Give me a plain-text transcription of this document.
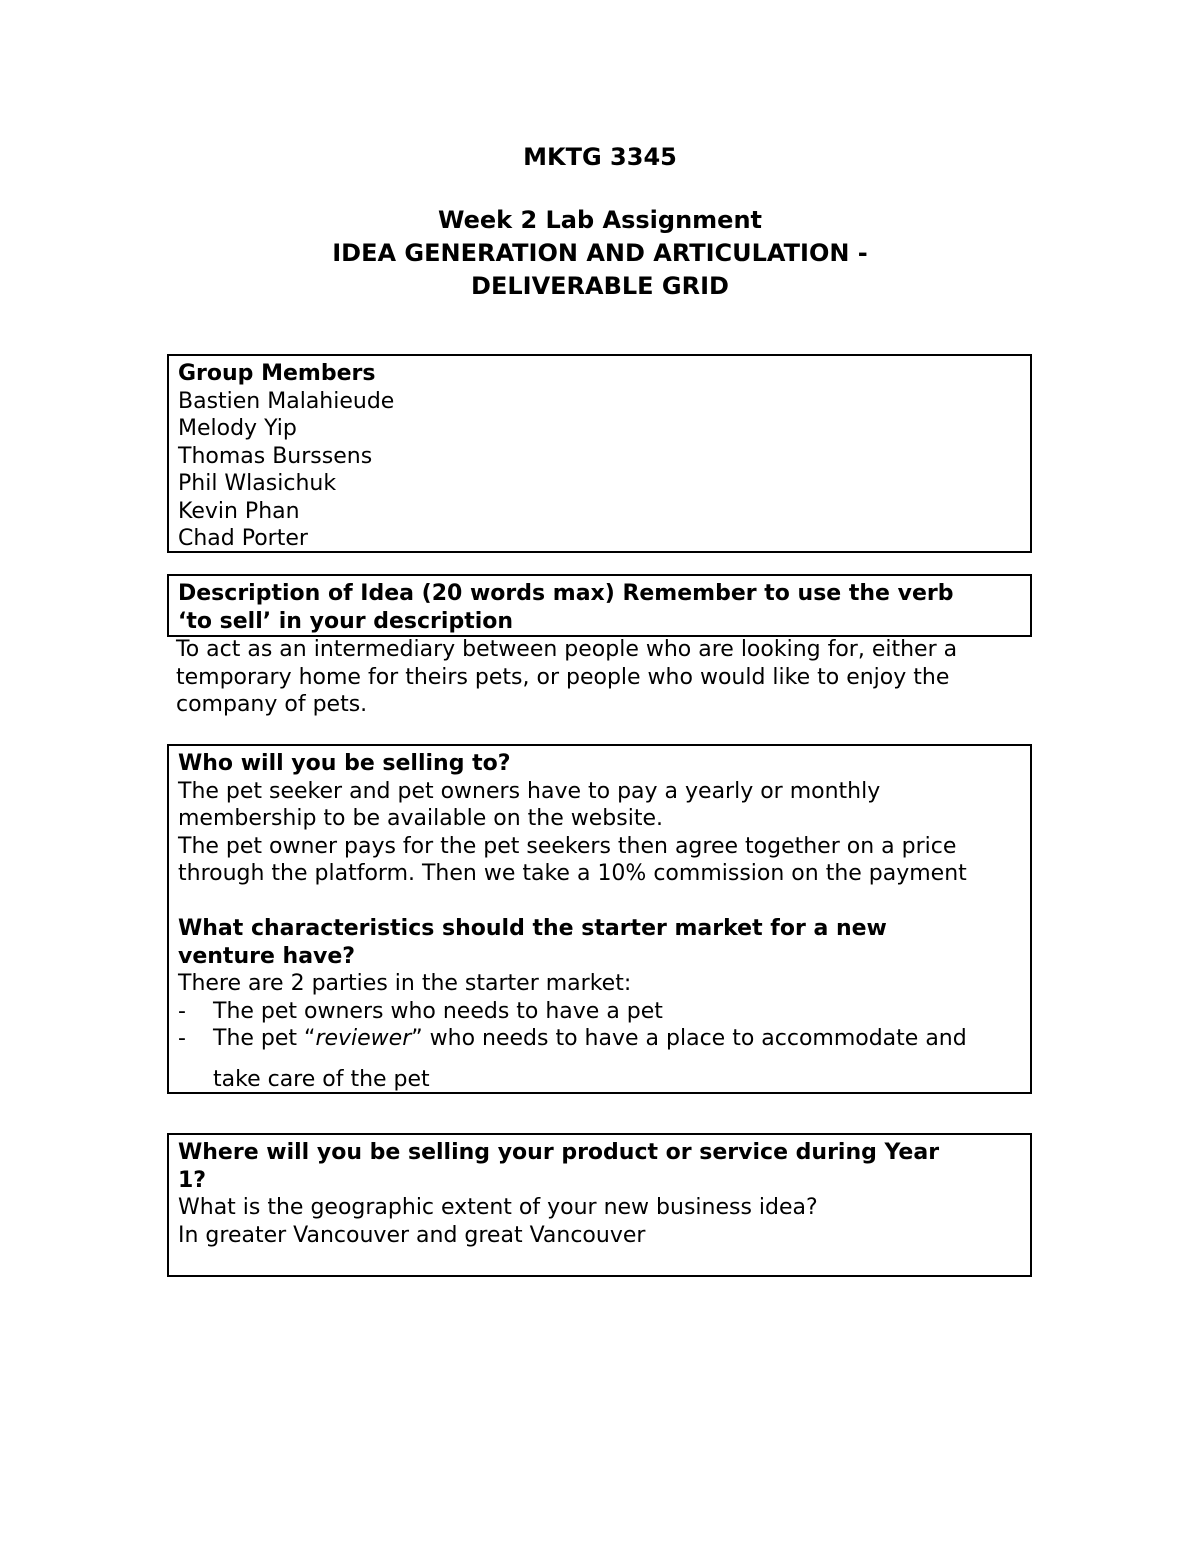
MKTG 3345
Week 2 Lab Assignment
IDEA GENERATION AND ARTICULATION -
DELIVERABLE GRID
Group Members
Bastien Malahieude
Melody Yip
Thomas Burssens
Phil Wlasichuk
Kevin Phan
Chad Porter
Description of Idea (20 words max) Remember to use the verb
‘to sell’ in your description
To act as an intermediary between people who are looking for, either a
temporary home for theirs pets, or people who would like to enjoy the
company of pets.
Who will you be selling to?
The pet seeker and pet owners have to pay a yearly or monthly
membership to be available on the website.
The pet owner pays for the pet seekers then agree together on a price
through the platform. Then we take a 10% commission on the payment
What characteristics should the starter market for a new
venture have?
There are 2 parties in the starter market:
- The pet owners who needs to have a pet
- The pet “reviewer” who needs to have a place to accommodate and
take care of the pet
Where will you be selling your product or service during Year
1?
What is the geographic extent of your new business idea?
In greater Vancouver and great Vancouver
